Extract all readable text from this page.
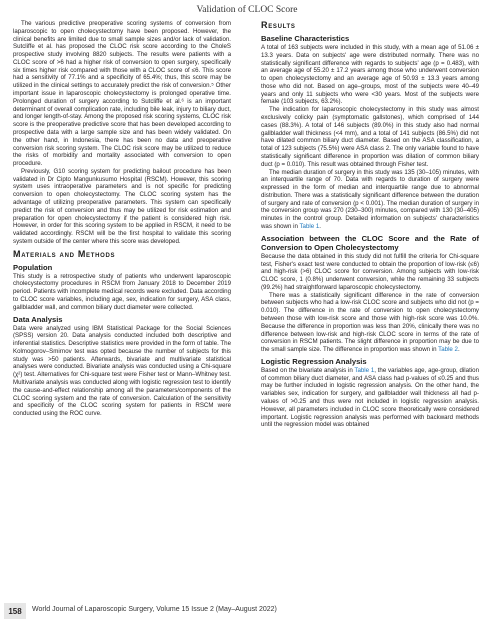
Validation of CLOC Score

The various predictive preoperative scoring systems of conversion from laparoscopic to open cholecystectomy have been proposed. However, the clinical benefits are limited due to small sample sizes and/or lack of validation. Sutcliffe et al. has proposed the CLOC risk score according to the CholeS prospective study involving 8820 subjects. The results were patients with a CLOC score of >6 had a higher risk of conversion to open surgery, specifically six times higher risk compared with those with a CLOC score of ≤6. This score had a sensitivity of 77.1% and a specificity of 65.4%; thus, this score may be utilized in the clinical settings to accurately predict the risk of conversion.⁵ Other important issue in laparoscopic cholecystectomy is prolonged operative time. Prolonged duration of surgery according to Sutcliffe et al.⁶ is an important determinant of overall complication rate, including bile leak, injury to biliary duct, and longer length-of-stay. Among the proposed risk scoring systems, CLOC risk score is the preoperative predictive score that has been developed according to prospective data with a large sample size and has been widely validated. On the other hand, in Indonesia, there has been no data and preoperative conversion risk scoring system. The CLOC risk score may be utilized to reduce the risks of morbidity and mortality associated with conversion to open procedure.

Previously, G10 scoring system for predicting bailout procedure has been validated in Dr Cipto Mangunkusumo Hospital (RSCM). However, this scoring system uses intraoperative parameters and is not specific for predicting conversion to open cholecystectomy. The CLOC scoring system has the advantage of utilizing preoperative parameters. This system can specifically predict the risk of conversion and thus may be utilized for risk estimation and preparation for open cholecystectomy if the patient is considered high risk. However, in order for this scoring system to be applied in RSCM, it need to be validated accordingly. RSCM will be the first hospital to validate this scoring system outside of the center where this score was developed.

Materials and Methods
Population

This study is a retrospective study of patients who underwent laparoscopic cholecystectomy procedures in RSCM from January 2018 to December 2019 period. Patients with incomplete medical records were excluded. Data according to CLOC score variables, including age, sex, indication for surgery, ASA class, gallbladder wall, and common biliary duct diameter were collected.

Data Analysis

Data were analyzed using IBM Statistical Package for the Social Sciences (SPSS) version 20. Data analysis conducted included both descriptive and inferential statistics. Descriptive statistics were provided in the form of table. The Kolmogorov–Smirnov test was opted because the number of subjects for this study was >50 patients. Afterwards, bivariate and multivariate statistical analyses were conducted. Bivariate analysis was conducted using a Chi-square (χ²) test. Alternatives for Chi-square test were Fisher test or Mann–Whitney test. Multivariate analysis was conducted along with logistic regression test to identify the cause-and-effect relationship among all the parameters/components of the CLOC scoring system and the rate of conversion. Calculation of the sensitivity and specificity of the CLOC scoring system for patients in RSCM were conducted using the ROC curve.

Results
Baseline Characteristics

A total of 163 subjects were included in this study, with a mean age of 51.06 ± 13.3 years. Data on subjects' age were distributed normally. There was no statistically significant difference with regards to subjects' age (p = 0.483), with an average age of 55.20 ± 17.2 years among those who underwent conversion to open cholecystectomy and an average age of 50.93 ± 13.3 years among those who did not. Based on age–groups, most of the subjects were 40–49 years and only 11 subjects who were <30 years. Most of the subjects were female (103 subjects, 63.2%).

The indication for laparoscopic cholecystectomy in this study was almost exclusively colicky pain (symptomatic gallstones), which comprised of 144 cases (88.3%). A total of 146 subjects (89.0%) in this study also had normal gallbladder wall thickness (<4 mm), and a total of 141 subjects (86.5%) did not have dilated common biliary duct diameter. Based on the ASA classification, a total of 123 subjects (75.5%) were ASA class 2. The only variable found to have statistically significant difference in proportion was dilation of common biliary duct (p = 0.010). This result was obtained through Fisher test.

The median duration of surgery in this study was 135 (30–105) minutes, with an interquartile range of 70. Data with regards to duration of surgery were expressed in the form of median and interquartile range due to abnormal distribution. There was a statistically significant difference between the duration of surgery and rate of conversion (p < 0.001). The median duration of surgery in the conversion group was 270 (230–300) minutes, compared with 130 (30–405) minutes in the control group. Detailed information on subjects' characteristics was shown in Table 1.

Association between the CLOC Score and the Rate of Conversion to Open Cholecystectomy

Because the data obtained in this study did not fulfill the criteria for Chi-square test, Fisher's exact test were conducted to obtain the proportion of low-risk (≤6) and high-risk (>6) CLOC score for conversion. Among subjects with low-risk CLOC score, 1 (0.8%) underwent conversion, while the remaining 33 subjects (99.2%) had straightforward laparoscopic cholecystectomy.

There was a statistically significant difference in the rate of conversion between subjects who had a low-risk CLOC score and subjects who did not (p = 0.010). The difference in the rate of conversion to open cholecystectomy between those with low-risk score and those with high-risk score was 10.0%. Because the difference in proportion was less than 20%, clinically there was no difference between low-risk and high-risk CLOC score in terms of the rate of conversion in RSCM patients. The slight difference in proportion may be due to the small sample size. The difference in proportion was shown in Table 2.

Logistic Regression Analysis

Based on the bivariate analysis in Table 1, the variables age, age-group, dilation of common biliary duct diameter, and ASA class had p-values of ≤0.25 and thus may be further included in logistic regression analysis. On the other hand, the variables sex, indication for surgery, and gallbladder wall thickness all had p-values of >0.25 and thus were not included in logistic regression analysis. However, all parameters included in CLOC score theoretically were considered important. Logistic regression analysis was performed with backward methods until the regression model was obtained

158	World Journal of Laparoscopic Surgery, Volume 15 Issue 2 (May–August 2022)
